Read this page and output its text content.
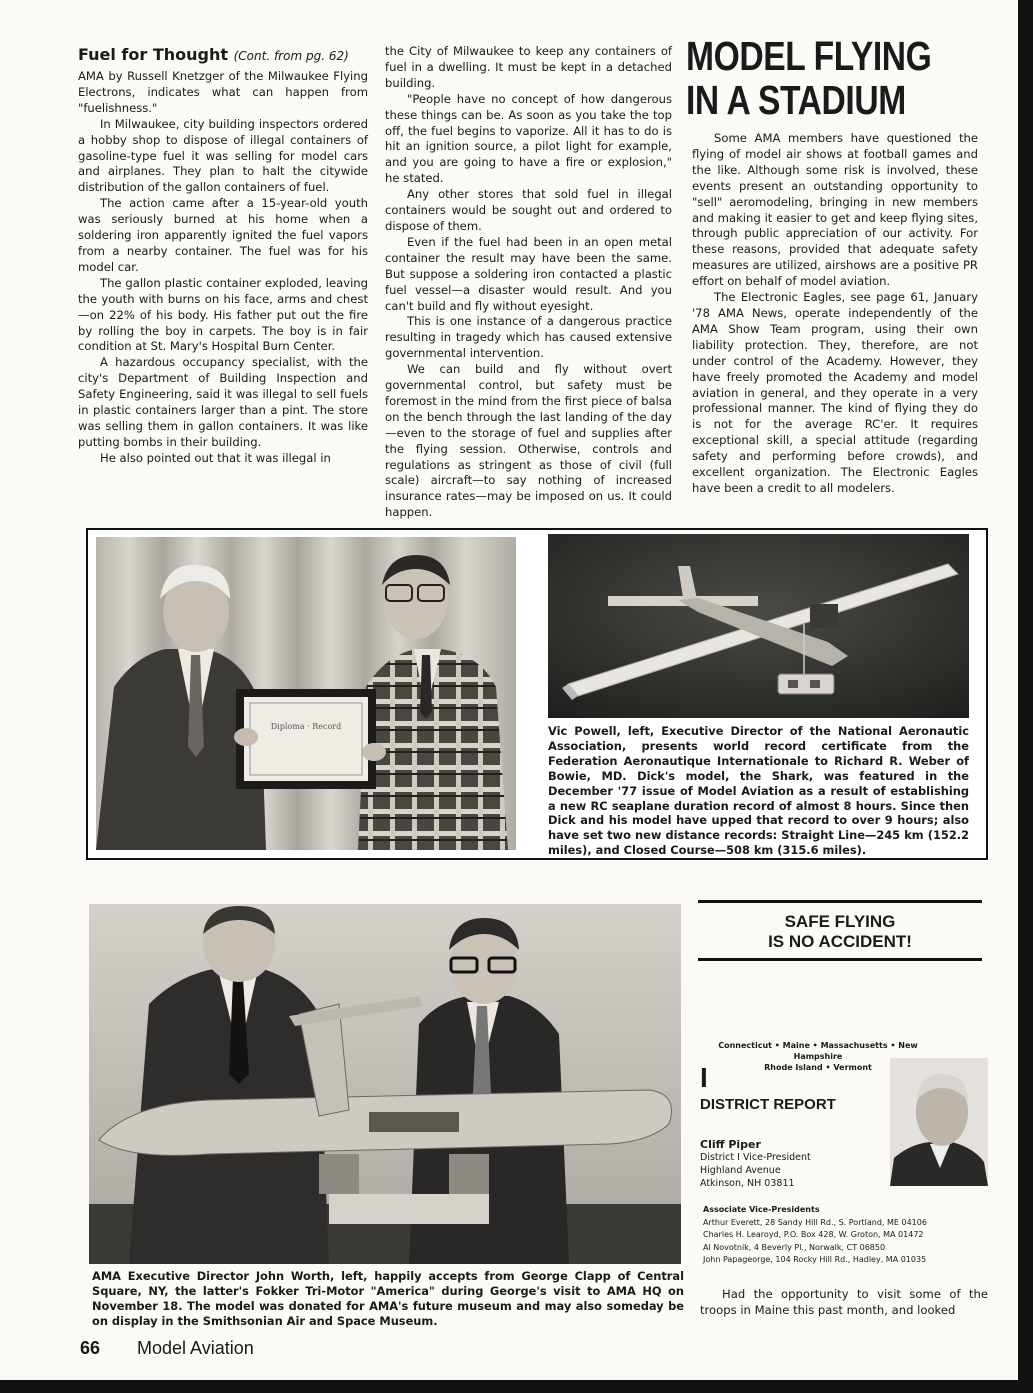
Fuel for Thought (Cont. from pg. 62)

AMA by Russell Knetzger of the Milwaukee Flying Electrons, indicates what can happen from "fuelishness."

In Milwaukee, city building inspectors ordered a hobby shop to dispose of illegal containers of gasoline-type fuel it was selling for model cars and airplanes. They plan to halt the citywide distribution of the gallon containers of fuel.

The action came after a 15-year-old youth was seriously burned at his home when a soldering iron apparently ignited the fuel vapors from a nearby container. The fuel was for his model car.

The gallon plastic container exploded, leaving the youth with burns on his face, arms and chest—on 22% of his body. His father put out the fire by rolling the boy in carpets. The boy is in fair condition at St. Mary's Hospital Burn Center.

A hazardous occupancy specialist, with the city's Department of Building Inspection and Safety Engineering, said it was illegal to sell fuels in plastic containers larger than a pint. The store was selling them in gallon containers. It was like putting bombs in their building.

He also pointed out that it was illegal in

the City of Milwaukee to keep any containers of fuel in a dwelling. It must be kept in a detached building.

"People have no concept of how dangerous these things can be. As soon as you take the top off, the fuel begins to vaporize. All it has to do is hit an ignition source, a pilot light for example, and you are going to have a fire or explosion," he stated.

Any other stores that sold fuel in illegal containers would be sought out and ordered to dispose of them.

Even if the fuel had been in an open metal container the result may have been the same. But suppose a soldering iron contacted a plastic fuel vessel—a disaster would result. And you can't build and fly without eyesight.

This is one instance of a dangerous practice resulting in tragedy which has caused extensive governmental intervention.

We can build and fly without overt governmental control, but safety must be foremost in the mind from the first piece of balsa on the bench through the last landing of the day —even to the storage of fuel and supplies after the flying session. Otherwise, controls and regulations as stringent as those of civil (full scale) aircraft—to say nothing of increased insurance rates—may be imposed on us. It could happen.

MODEL FLYING
IN A STADIUM

Some AMA members have questioned the flying of model air shows at football games and the like. Although some risk is involved, these events present an outstanding opportunity to "sell" aeromodeling, bringing in new members and making it easier to get and keep flying sites, through public appreciation of our activity. For these reasons, provided that adequate safety measures are utilized, airshows are a positive PR effort on behalf of model aviation.

The Electronic Eagles, see page 61, January '78 AMA News, operate independently of the AMA Show Team program, using their own liability protection. They, therefore, are not under control of the Academy. However, they have freely promoted the Academy and model aviation in general, and they operate in a very professional manner. The kind of flying they do is not for the average RC'er. It requires exceptional skill, a special attitude (regarding safety and performing before crowds), and excellent organization. The Electronic Eagles have been a credit to all modelers.

Diploma · Record	Vic Powell, left, Executive Director of the National Aeronautic Association, presents world record certificate from the Federation Aeronautique Internationale to Richard R. Weber of Bowie, MD. Dick's model, the Shark, was featured in the December '77 issue of Model Aviation as a result of establishing a new RC seaplane duration record of almost 8 hours. Since then Dick and his model have upped that record to over 9 hours; also have set two new distance records: Straight Line—245 km (152.2 miles), and Closed Course—508 km (315.6 miles).
AMA Executive Director John Worth, left, happily accepts from George Clapp of Central Square, NY, the latter's Fokker Tri-Motor "America" during George's visit to AMA HQ on November 18. The model was donated for AMA's future museum and may also someday be on display in the Smithsonian Air and Space Museum.
SAFE FLYING
IS NO ACCIDENT!
Connecticut • Maine • Massachusetts • New Hampshire
Rhode Island • Vermont
I
DISTRICT REPORT
Cliff Piper
District I Vice-President
Highland Avenue
Atkinson, NH 03811
Associate Vice-Presidents
Arthur Everett, 28 Sandy Hill Rd., S. Portland, ME 04106
Charles H. Learoyd, P.O. Box 428, W. Groton, MA 01472
Al Novotnik, 4 Beverly Pl., Norwalk, CT 06850
John Papageorge, 104 Rocky Hill Rd., Hadley, MA 01035
Had the opportunity to visit some of the troops in Maine this past month, and looked
66 Model Aviation
